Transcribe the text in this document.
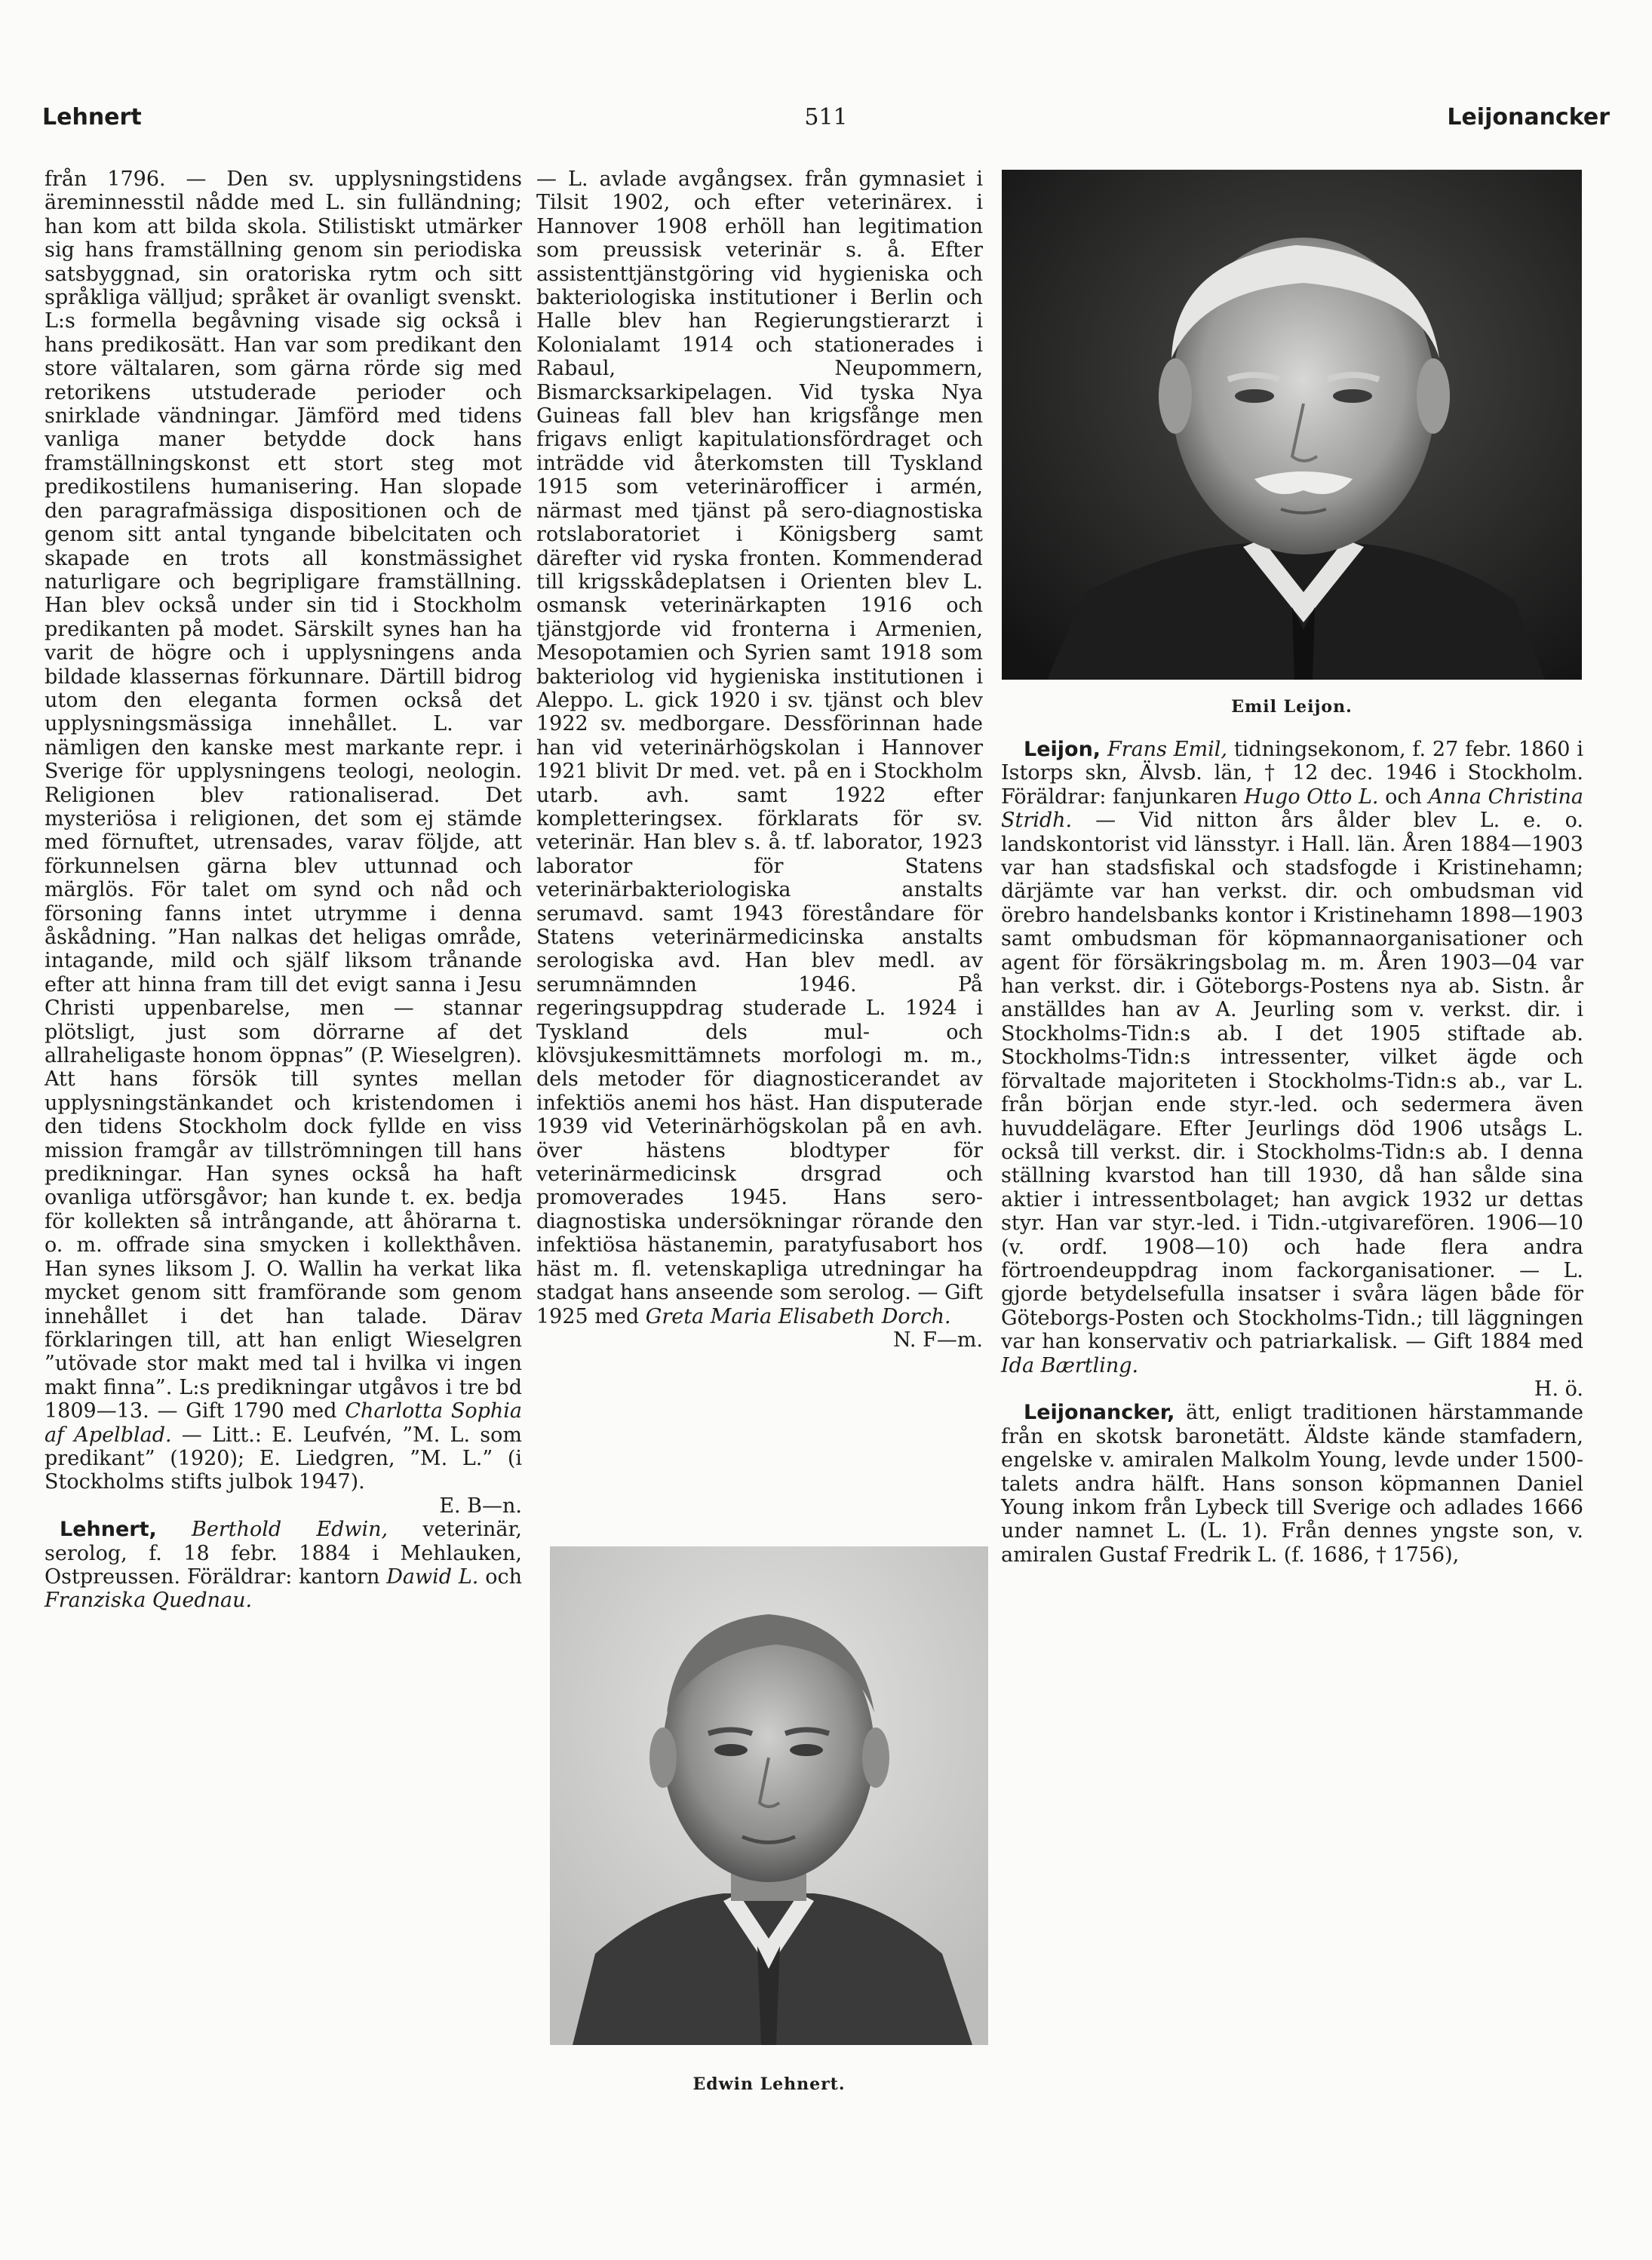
Lehnert	511	Leijonancker

från 1796. — Den sv. upplysningstidens äreminnesstil nådde med L. sin fulländning; han kom att bilda skola. Stilistiskt utmärker sig hans framställning genom sin periodiska satsbyggnad, sin oratoriska rytm och sitt språkliga välljud; språket är ovanligt svenskt. L:s formella begåvning visade sig också i hans predikosätt. Han var som predikant den store vältalaren, som gärna rörde sig med retorikens utstuderade perioder och snirklade vändningar. Jämförd med tidens vanliga maner betydde dock hans framställningskonst ett stort steg mot predikostilens humanisering. Han slopade den paragrafmässiga dispositionen och de genom sitt antal tyngande bibelcitaten och skapade en trots all konstmässighet naturligare och begripligare framställning. Han blev också under sin tid i Stockholm predikanten på modet. Särskilt synes han ha varit de högre och i upplysningens anda bildade klassernas förkunnare. Därtill bidrog utom den eleganta formen också det upplysningsmässiga innehållet. L. var nämligen den kanske mest markante repr. i Sverige för upplysningens teologi, neologin. Religionen blev rationaliserad. Det mysteriösa i religionen, det som ej stämde med förnuftet, utrensades, varav följde, att förkunnelsen gärna blev uttunnad och märglös. För talet om synd och nåd och försoning fanns intet utrymme i denna åskådning. ”Han nalkas det heligas område, intagande, mild och själf liksom trånande efter att hinna fram till det evigt sanna i Jesu Christi uppenbarelse, men — stannar plötsligt, just som dörrarne af det allraheligaste honom öppnas” (P. Wieselgren). Att hans försök till syntes mellan upplysningstänkandet och kristendomen i den tidens Stockholm dock fyllde en viss mission framgår av tillströmningen till hans predikningar. Han synes också ha haft ovanliga utförsgåvor; han kunde t. ex. bedja för kollekten så intrångande, att åhörarna t. o. m. offrade sina smycken i kollekthåven. Han synes liksom J. O. Wallin ha verkat lika mycket genom sitt framförande som genom innehållet i det han talade. Därav förklaringen till, att han enligt Wieselgren ”utövade stor makt med tal i hvilka vi ingen makt finna”. L:s predikningar utgåvos i tre bd 1809—13. — Gift 1790 med Charlotta Sophia af Apelblad. — Litt.: E. Leufvén, ”M. L. som predikant” (1920); E. Liedgren, ”M. L.” (i Stockholms stifts julbok 1947).
E. B—n.

Lehnert, Berthold Edwin, veterinär, serolog, f. 18 febr. 1884 i Mehlauken, Ostpreussen. Föräldrar: kantorn Dawid L. och Franziska Quednau.

— L. avlade avgångsex. från gymnasiet i Tilsit 1902, och efter veterinärex. i Hannover 1908 erhöll han legitimation som preussisk veterinär s. å. Efter assistenttjänstgöring vid hygieniska och bakteriologiska institutioner i Berlin och Halle blev han Regierungstierarzt i Kolonialamt 1914 och stationerades i Rabaul, Neupommern, Bismarcksarkipelagen. Vid tyska Nya Guineas fall blev han krigsfånge men frigavs enligt kapitulationsfördraget och inträdde vid återkomsten till Tyskland 1915 som veterinärofficer i armén, närmast med tjänst på sero-diagnostiska rotslaboratoriet i Königsberg samt därefter vid ryska fronten. Kommenderad till krigsskådeplatsen i Orienten blev L. osmansk veterinärkapten 1916 och tjänstgjorde vid fronterna i Armenien, Mesopotamien och Syrien samt 1918 som bakteriolog vid hygieniska institutionen i Aleppo. L. gick 1920 i sv. tjänst och blev 1922 sv. medborgare. Dessförinnan hade han vid veterinärhögskolan i Hannover 1921 blivit Dr med. vet. på en i Stockholm utarb. avh. samt 1922 efter kompletteringsex. förklarats för sv. veterinär. Han blev s. å. tf. laborator, 1923 laborator för Statens veterinärbakteriologiska anstalts serumavd. samt 1943 föreståndare för Statens veterinärmedicinska anstalts serologiska avd. Han blev medl. av serumnämnden 1946. På regeringsuppdrag studerade L. 1924 i Tyskland dels mul- och klövsjukesmittämnets morfologi m. m., dels metoder för diagnosticerandet av infektiös anemi hos häst. Han disputerade 1939 vid Veterinärhögskolan på en avh. över hästens blodtyper för veterinärmedicinsk drsgrad och promoverades 1945. Hans sero-diagnostiska undersökningar rörande den infektiösa hästanemin, paratyfusabort hos häst m. fl. vetenskapliga utredningar ha stadgat hans anseende som serolog. — Gift 1925 med Greta Maria Elisabeth Dorch.
N. F—m.

Edwin Lehnert.
Emil Leijon.

Leijon, Frans Emil, tidningsekonom, f. 27 febr. 1860 i Istorps skn, Älvsb. län, † 12 dec. 1946 i Stockholm. Föräldrar: fanjunkaren Hugo Otto L. och Anna Christina Stridh. — Vid nitton års ålder blev L. e. o. landskontorist vid länsstyr. i Hall. län. Åren 1884—1903 var han stadsfiskal och stadsfogde i Kristinehamn; därjämte var han verkst. dir. och ombudsman vid örebro handelsbanks kontor i Kristinehamn 1898—1903 samt ombudsman för köpmannaorganisationer och agent för försäkringsbolag m. m. Åren 1903—04 var han verkst. dir. i Göteborgs-Postens nya ab. Sistn. år anställdes han av A. Jeurling som v. verkst. dir. i Stockholms-Tidn:s ab. I det 1905 stiftade ab. Stockholms-Tidn:s intressenter, vilket ägde och förvaltade majoriteten i Stockholms-Tidn:s ab., var L. från början ende styr.-led. och sedermera även huvuddelägare. Efter Jeurlings död 1906 utsågs L. också till verkst. dir. i Stockholms-Tidn:s ab. I denna ställning kvarstod han till 1930, då han sålde sina aktier i intressentbolaget; han avgick 1932 ur dettas styr. Han var styr.-led. i Tidn.-utgivarefören. 1906—10 (v. ordf. 1908—10) och hade flera andra förtroendeuppdrag inom fackorganisationer. — L. gjorde betydelsefulla insatser i svåra lägen både för Göteborgs-Posten och Stockholms-Tidn.; till läggningen var han konservativ och patriarkalisk. — Gift 1884 med Ida Bærtling.
H. ö.

Leijonancker, ätt, enligt traditionen härstammande från en skotsk baronetätt. Äldste kände stamfadern, engelske v. amiralen Malkolm Young, levde under 1500-talets andra hälft. Hans sonson köpmannen Daniel Young inkom från Lybeck till Sverige och adlades 1666 under namnet L. (L. 1). Från dennes yngste son, v. amiralen Gustaf Fredrik L. (f. 1686, † 1756),
